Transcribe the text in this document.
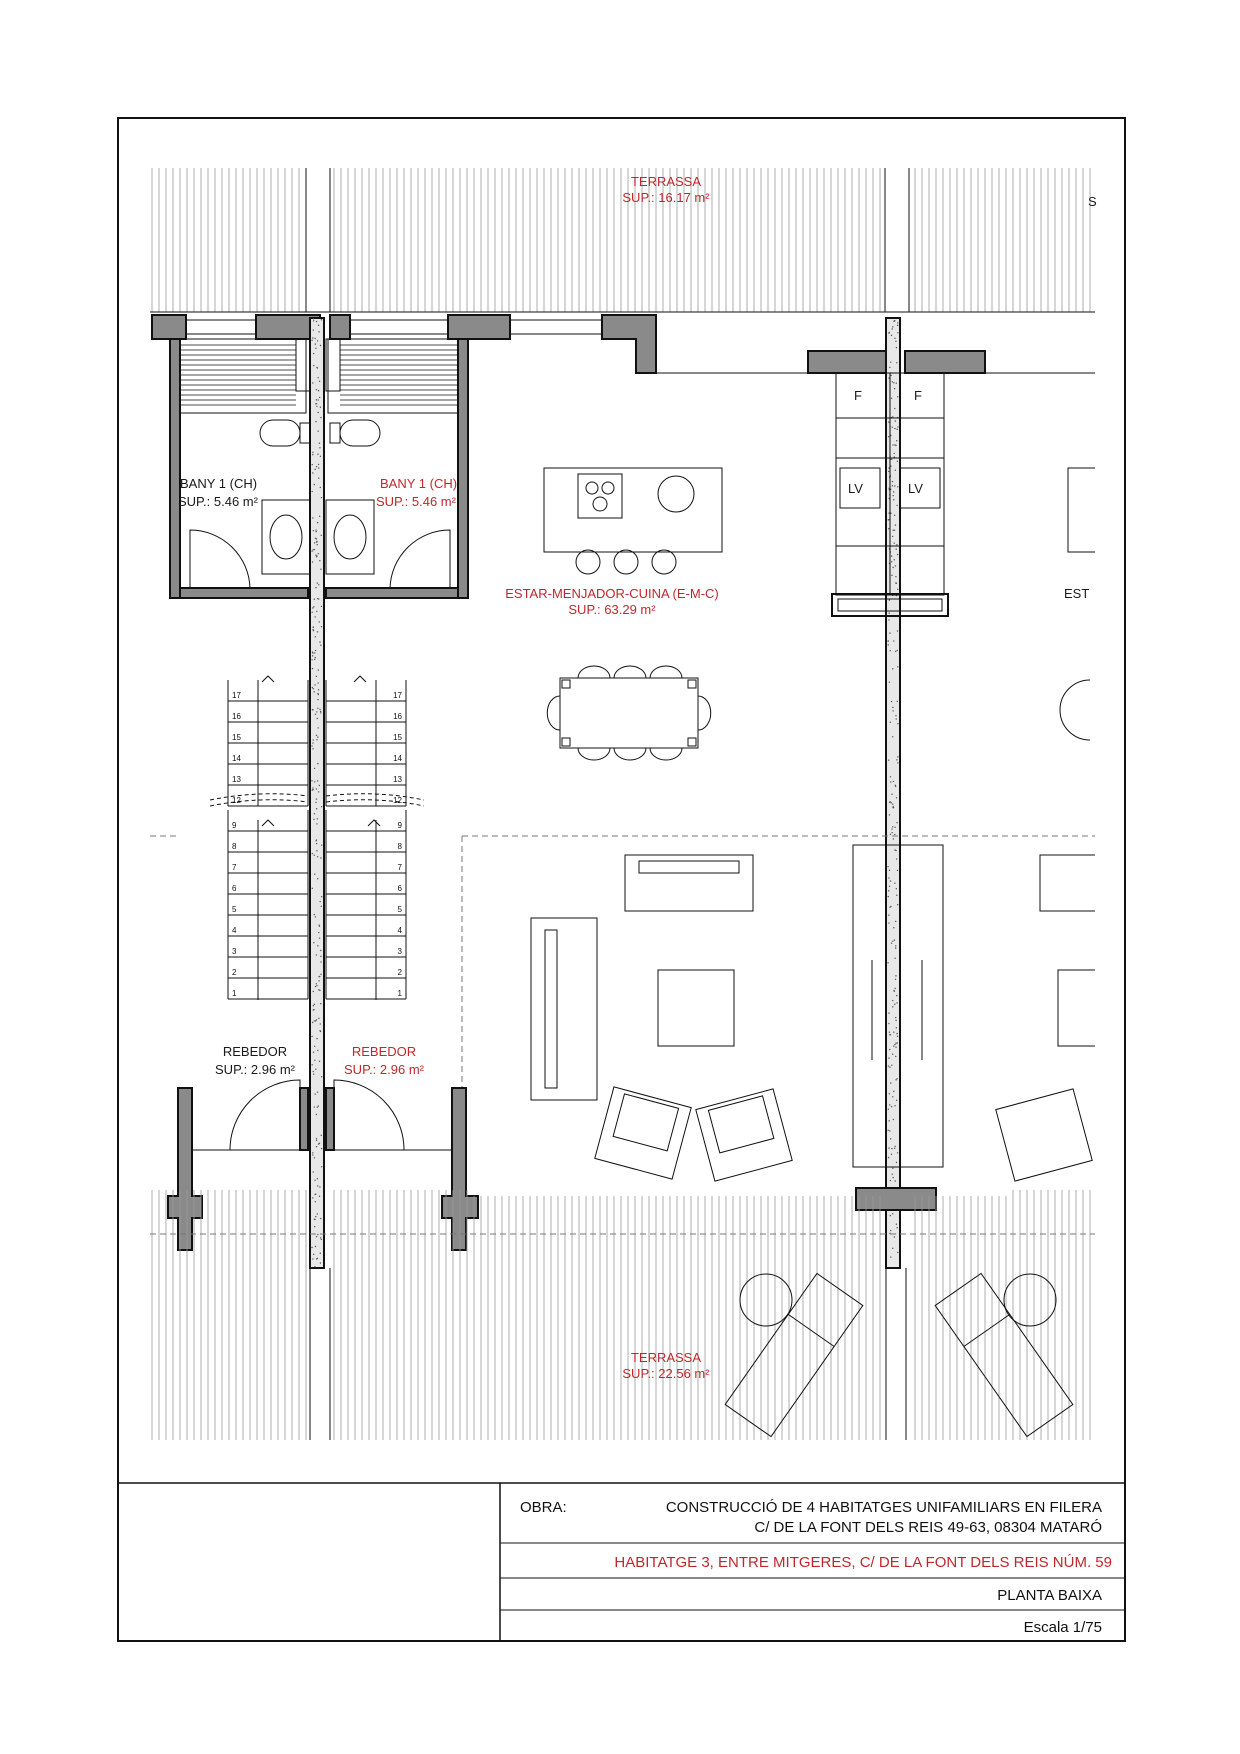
TERRASSA
SUP.: 16.17 m²	S
BANY 1 (CH)
SUP.: 5.46 m²
BANY 1 (CH)
SUP.: 5.46 m²
F	F
LV	LV
EST
ESTAR-MENJADOR-CUINA (E-M-C)
SUP.: 63.29 m²
17
16
15
14
13
12
17
16
15
14
13
12
9
8
7
6
5
4
3
2
1
9
8
7
6
5
4
3
2
1
REBEDOR
SUP.: 2.96 m²
REBEDOR
SUP.: 2.96 m²
TERRASSA
SUP.: 22.56 m²
OBRA:	CONSTRUCCIÓ DE 4 HABITATGES UNIFAMILIARS EN FILERA
C/ DE LA FONT DELS REIS 49-63, 08304 MATARÓ
HABITATGE 3, ENTRE MITGERES, C/ DE LA FONT DELS REIS NÚM. 59
PLANTA BAIXA
Escala 1/75
